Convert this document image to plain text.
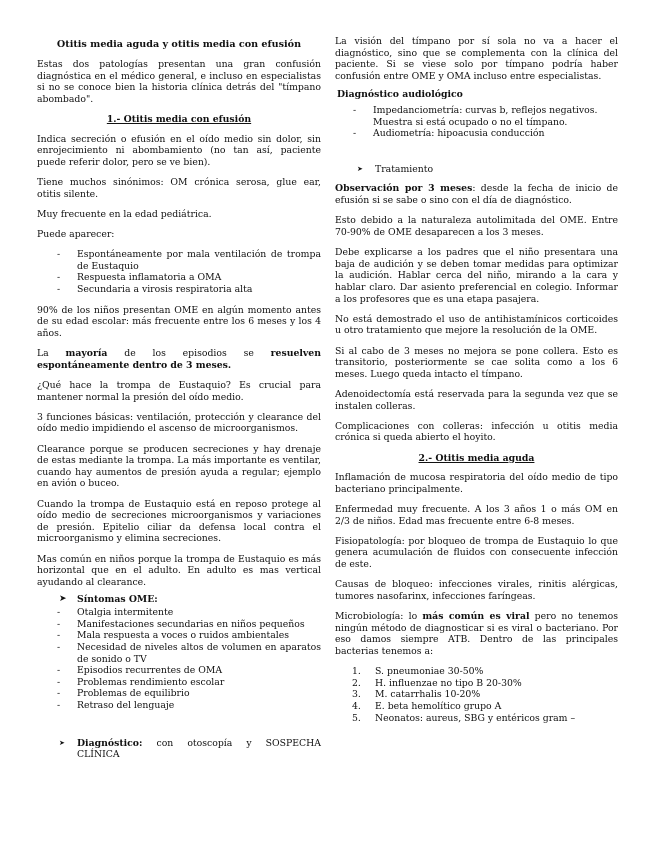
Otitis media aguda y otitis media con efusión

Estas dos patologías presentan una gran confusión diagnóstica en el médico general, e incluso en especialistas si no se conoce bien la historia clínica detrás del "tímpano abombado".

1.- Otitis media con efusión

Indica secreción o efusión en el oído medio sin dolor, sin enrojecimiento ni abombamiento (no tan así, paciente puede referir dolor, pero se ve bien).

Tiene muchos sinónimos: OM crónica serosa, glue ear, otitis silente.

Muy frecuente en la edad pediátrica.

Puede aparecer:

- Espontáneamente por mala ventilación de trompa de Eustaquio
- Respuesta inflamatoria a OMA
- Secundaria a virosis respiratoria alta

90% de los niños presentan OME en algún momento antes de su edad escolar: más frecuente entre los 6 meses y los 4 años.

La mayoría de los episodios se resuelven espontáneamente dentro de 3 meses.

¿Qué hace la trompa de Eustaquio? Es crucial para mantener normal la presión del oído medio.

3 funciones básicas: ventilación, protección y clearance del oído medio impidiendo el ascenso de microorganismos.

Clearance porque se producen secreciones y hay drenaje de estas mediante la trompa. La más importante es ventilar, cuando hay aumentos de presión ayuda a regular; ejemplo en avión o buceo.

Cuando la trompa de Eustaquio está en reposo protege al oído medio de secreciones microorganismos y variaciones de presión. Epitelio ciliar da defensa local contra el microorganismo y elimina secreciones.

Mas común en niños porque la trompa de Eustaquio es más horizontal que en el adulto. En adulto es mas vertical ayudando al clearance.

➤ Síntomas OME:
- Otalgia intermitente
- Manifestaciones secundarias en niños pequeños
- Mala respuesta a voces o ruidos ambientales
- Necesidad de niveles altos de volumen en aparatos de sonido o TV
- Episodios recurrentes de OMA
- Problemas rendimiento escolar
- Problemas de equilibrio
- Retraso del lenguaje
➤ Diagnóstico: con otoscopía y SOSPECHA CLÍNICA

La visión del tímpano por sí sola no va a hacer el diagnóstico, sino que se complementa con la clínica del paciente. Si se viese solo por tímpano podría haber confusión entre OME y OMA incluso entre especialistas.

Diagnóstico audiológico
- Impedanciometría: curvas b, reflejos negativos. Muestra si está ocupado o no el tímpano.
- Audiometría: hipoacusia conducción
➤ Tratamiento

Observación por 3 meses: desde la fecha de inicio de efusión si se sabe o sino con el día de diagnóstico.

Esto debido a la naturaleza autolimitada del OME. Entre 70-90% de OME desaparecen a los 3 meses.

Debe explicarse a los padres que el niño presentara una baja de audición y se deben tomar medidas para optimizar la audición. Hablar cerca del niño, mirando a la cara y hablar claro. Dar asiento preferencial en colegio. Informar a los profesores que es una etapa pasajera.

No está demostrado el uso de antihistamínicos corticoides u otro tratamiento que mejore la resolución de la OME.

Si al cabo de 3 meses no mejora se pone collera. Esto es transitorio, posteriormente se cae solita como a los 6 meses. Luego queda intacto el tímpano.

Adenoidectomía está reservada para la segunda vez que se instalen colleras.

Complicaciones con colleras: infección u otitis media crónica si queda abierto el hoyito.

2.- Otitis media aguda

Inflamación de mucosa respiratoria del oído medio de tipo bacteriano principalmente.

Enfermedad muy frecuente. A los 3 años 1 o más OM en 2/3 de niños. Edad mas frecuente entre 6-8 meses.

Fisiopatología: por bloqueo de trompa de Eustaquio lo que genera acumulación de fluidos con consecuente infección de este.

Causas de bloqueo: infecciones virales, rinitis alérgicas, tumores nasofarinx, infecciones faríngeas.

Microbiología: lo más común es viral pero no tenemos ningún método de diagnosticar si es viral o bacteriano. Por eso damos siempre ATB. Dentro de las principales bacterias tenemos a:

1. S. pneumoniae 30-50%
2. H. influenzae no tipo B 20-30%
3. M. catarrhalis 10-20%
4. E. beta hemolítico grupo A
5. Neonatos: aureus, SBG y entéricos gram –
